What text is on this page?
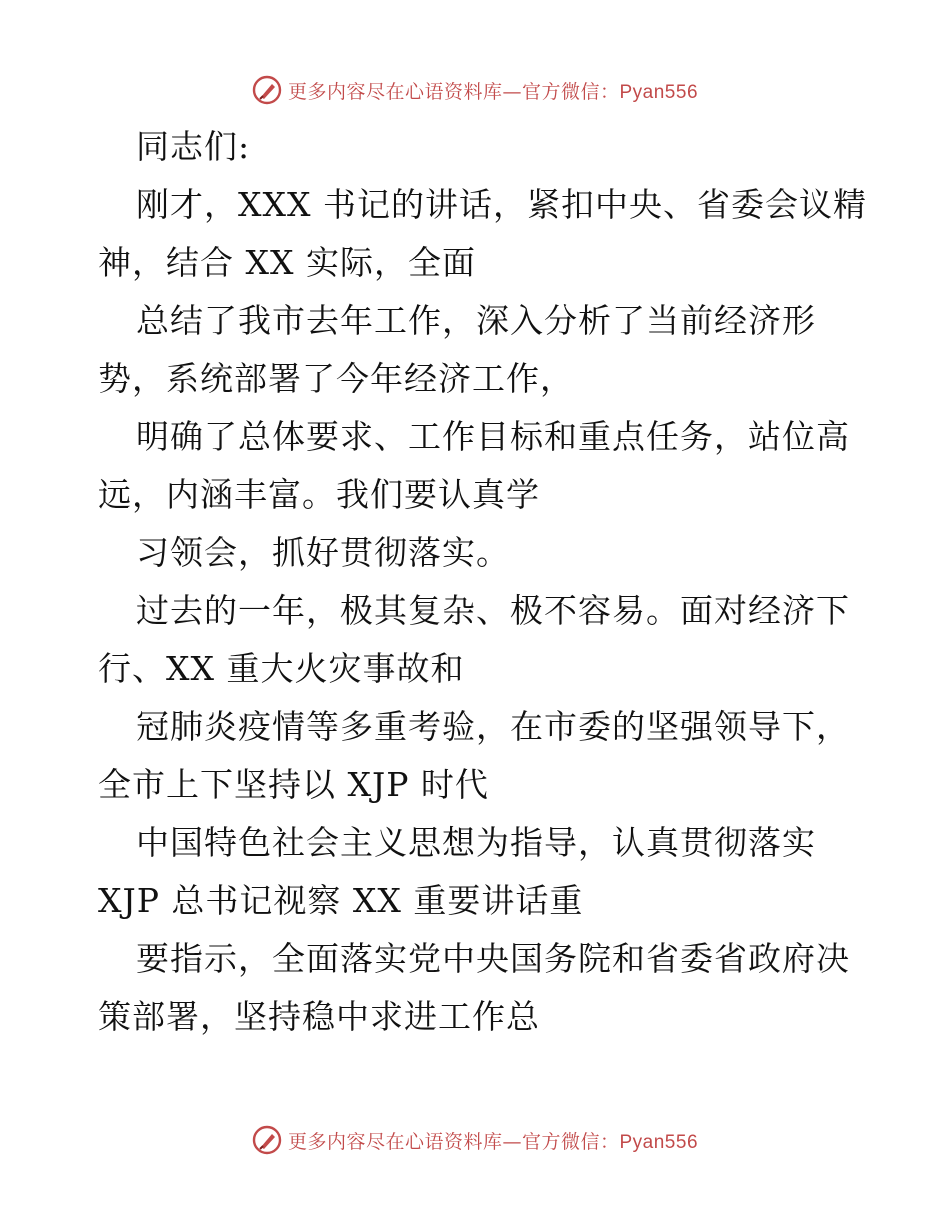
更多内容尽在心语资料库—官方微信：Pyan556
同志们:
刚才，XXX 书记的讲话，紧扣中央、省委会议精
神，结合 XX 实际，全面
总结了我市去年工作，深入分析了当前经济形
势，系统部署了今年经济工作，
明确了总体要求、工作目标和重点任务，站位高
远，内涵丰富。我们要认真学
习领会，抓好贯彻落实。
过去的一年，极其复杂、极不容易。面对经济下
行、XX 重大火灾事故和
冠肺炎疫情等多重考验，在市委的坚强领导下，
全市上下坚持以 XJP 时代
中国特色社会主义思想为指导，认真贯彻落实
XJP 总书记视察 XX 重要讲话重
要指示，全面落实党中央国务院和省委省政府决
策部署，坚持稳中求进工作总
更多内容尽在心语资料库—官方微信：Pyan556
